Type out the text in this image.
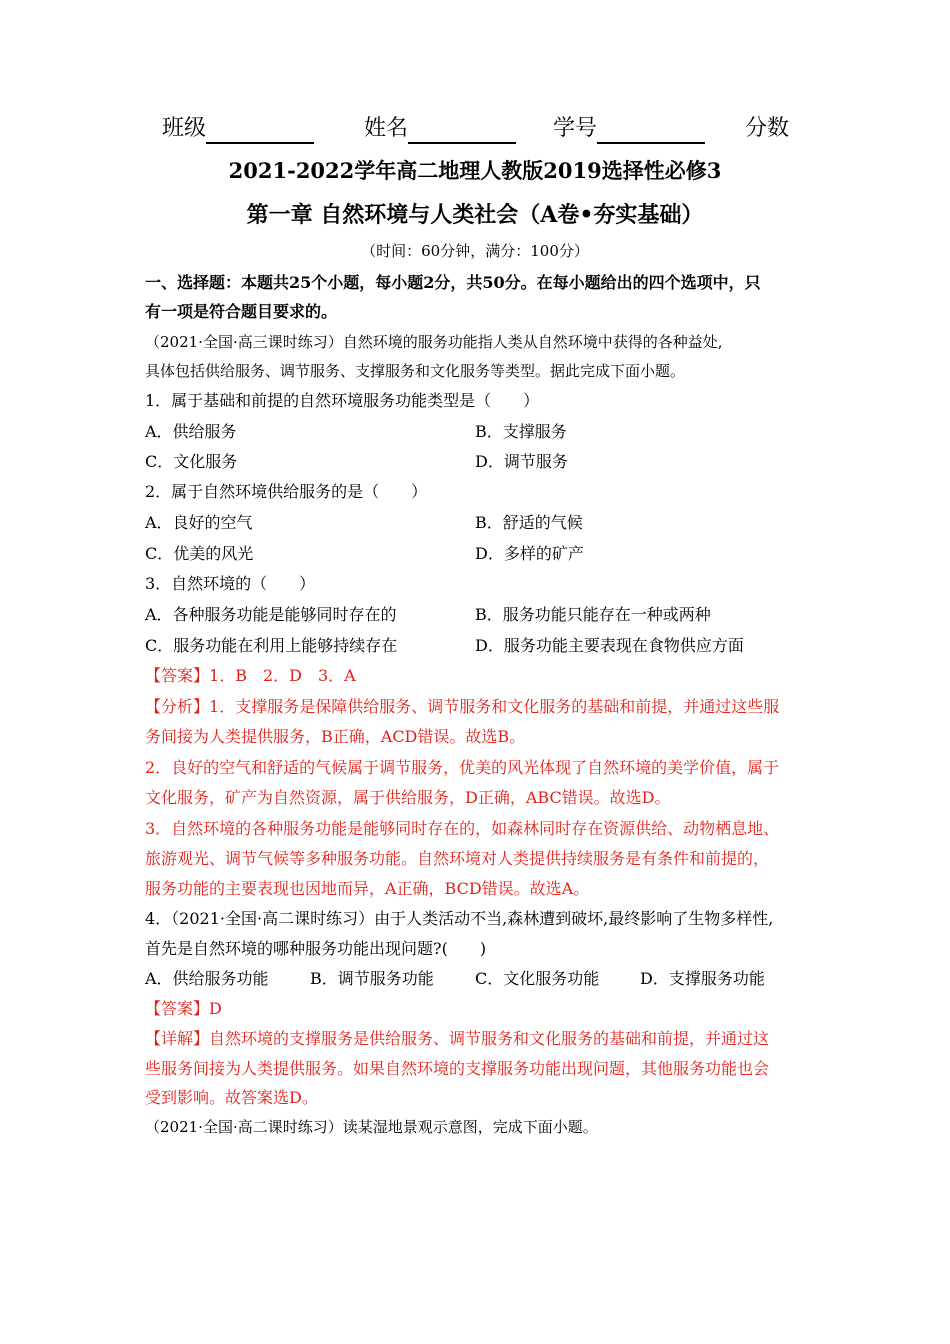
班级	姓名	学号	分数
2021-2022学年高二地理人教版2019选择性必修3
第一章 自然环境与人类社会（A卷•夯实基础）
（时间：60分钟，满分：100分）
一、选择题：本题共25个小题，每小题2分，共50分。在每小题给出的四个选项中，只
有一项是符合题目要求的。
（2021·全国·高三课时练习）自然环境的服务功能指人类从自然环境中获得的各种益处,
具体包括供给服务、调节服务、支撑服务和文化服务等类型。据此完成下面小题。
1．属于基础和前提的自然环境服务功能类型是（　　）
A．供给服务	B．支撑服务
C．文化服务	D．调节服务
2．属于自然环境供给服务的是（　　）
A．良好的空气	B．舒适的气候
C．优美的风光	D．多样的矿产
3．自然环境的（　　）
A．各种服务功能是能够同时存在的	B．服务功能只能存在一种或两种
C．服务功能在利用上能够持续存在	D．服务功能主要表现在食物供应方面
【答案】1．B　2．D　3．A
【分析】1．支撑服务是保障供给服务、调节服务和文化服务的基础和前提，并通过这些服
务间接为人类提供服务，B正确，ACD错误。故选B。
2．良好的空气和舒适的气候属于调节服务，优美的风光体现了自然环境的美学价值，属于
文化服务，矿产为自然资源，属于供给服务，D正确，ABC错误。故选D。
3．自然环境的各种服务功能是能够同时存在的，如森林同时存在资源供给、动物栖息地、
旅游观光、调节气候等多种服务功能。自然环境对人类提供持续服务是有条件和前提的，
服务功能的主要表现也因地而异，A正确，BCD错误。故选A。
4．（2021·全国·高二课时练习）由于人类活动不当,森林遭到破坏,最终影响了生物多样性,
首先是自然环境的哪种服务功能出现问题?(　　)
A．供给服务功能	B．调节服务功能	C．文化服务功能	D．支撑服务功能
【答案】D
【详解】自然环境的支撑服务是供给服务、调节服务和文化服务的基础和前提，并通过这
些服务间接为人类提供服务。如果自然环境的支撑服务功能出现问题，其他服务功能也会
受到影响。故答案选D。
（2021·全国·高二课时练习）读某湿地景观示意图，完成下面小题。
